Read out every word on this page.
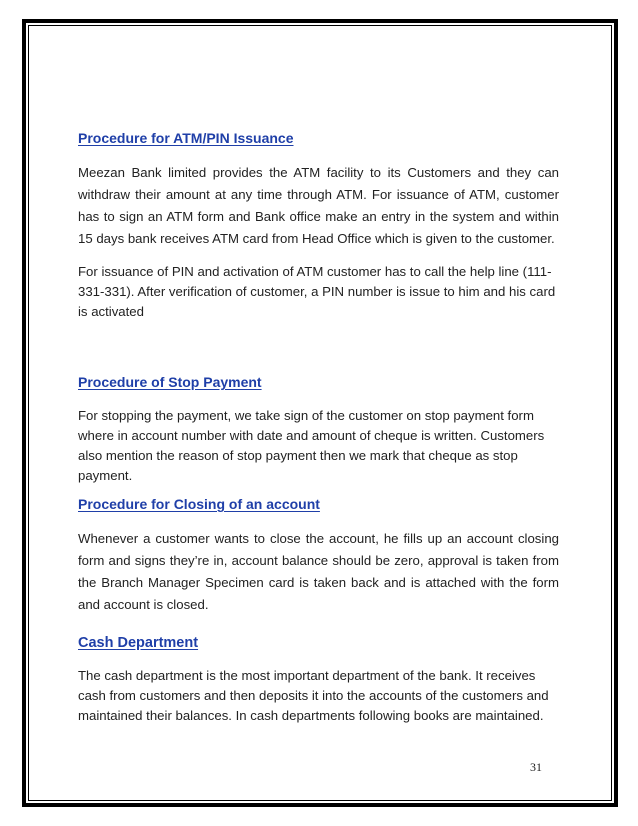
Procedure for ATM/PIN Issuance

Meezan Bank limited provides the ATM facility to its Customers and they can withdraw their amount at any time through ATM. For issuance of ATM, customer has to sign an ATM form and Bank office make an entry in the system and within 15 days bank receives ATM card from Head Office which is given to the customer.

For issuance of PIN and activation of ATM customer has to call the help line (111-331-331). After verification of customer, a PIN number is issue to him and his card is activated

Procedure of Stop Payment

For stopping the payment, we take sign of the customer on stop payment form where in account number with date and amount of cheque is written. Customers also mention the reason of stop payment then we mark that cheque as stop payment.

Procedure for Closing of an account

Whenever a customer wants to close the account, he fills up an account closing form and signs they’re in, account balance should be zero, approval is taken from the Branch Manager Specimen card is taken back and is attached with the form and account is closed.

Cash Department

The cash department is the most important department of the bank. It receives cash from customers and then deposits it into the accounts of the customers and maintained their balances. In cash departments following books are maintained.

31
